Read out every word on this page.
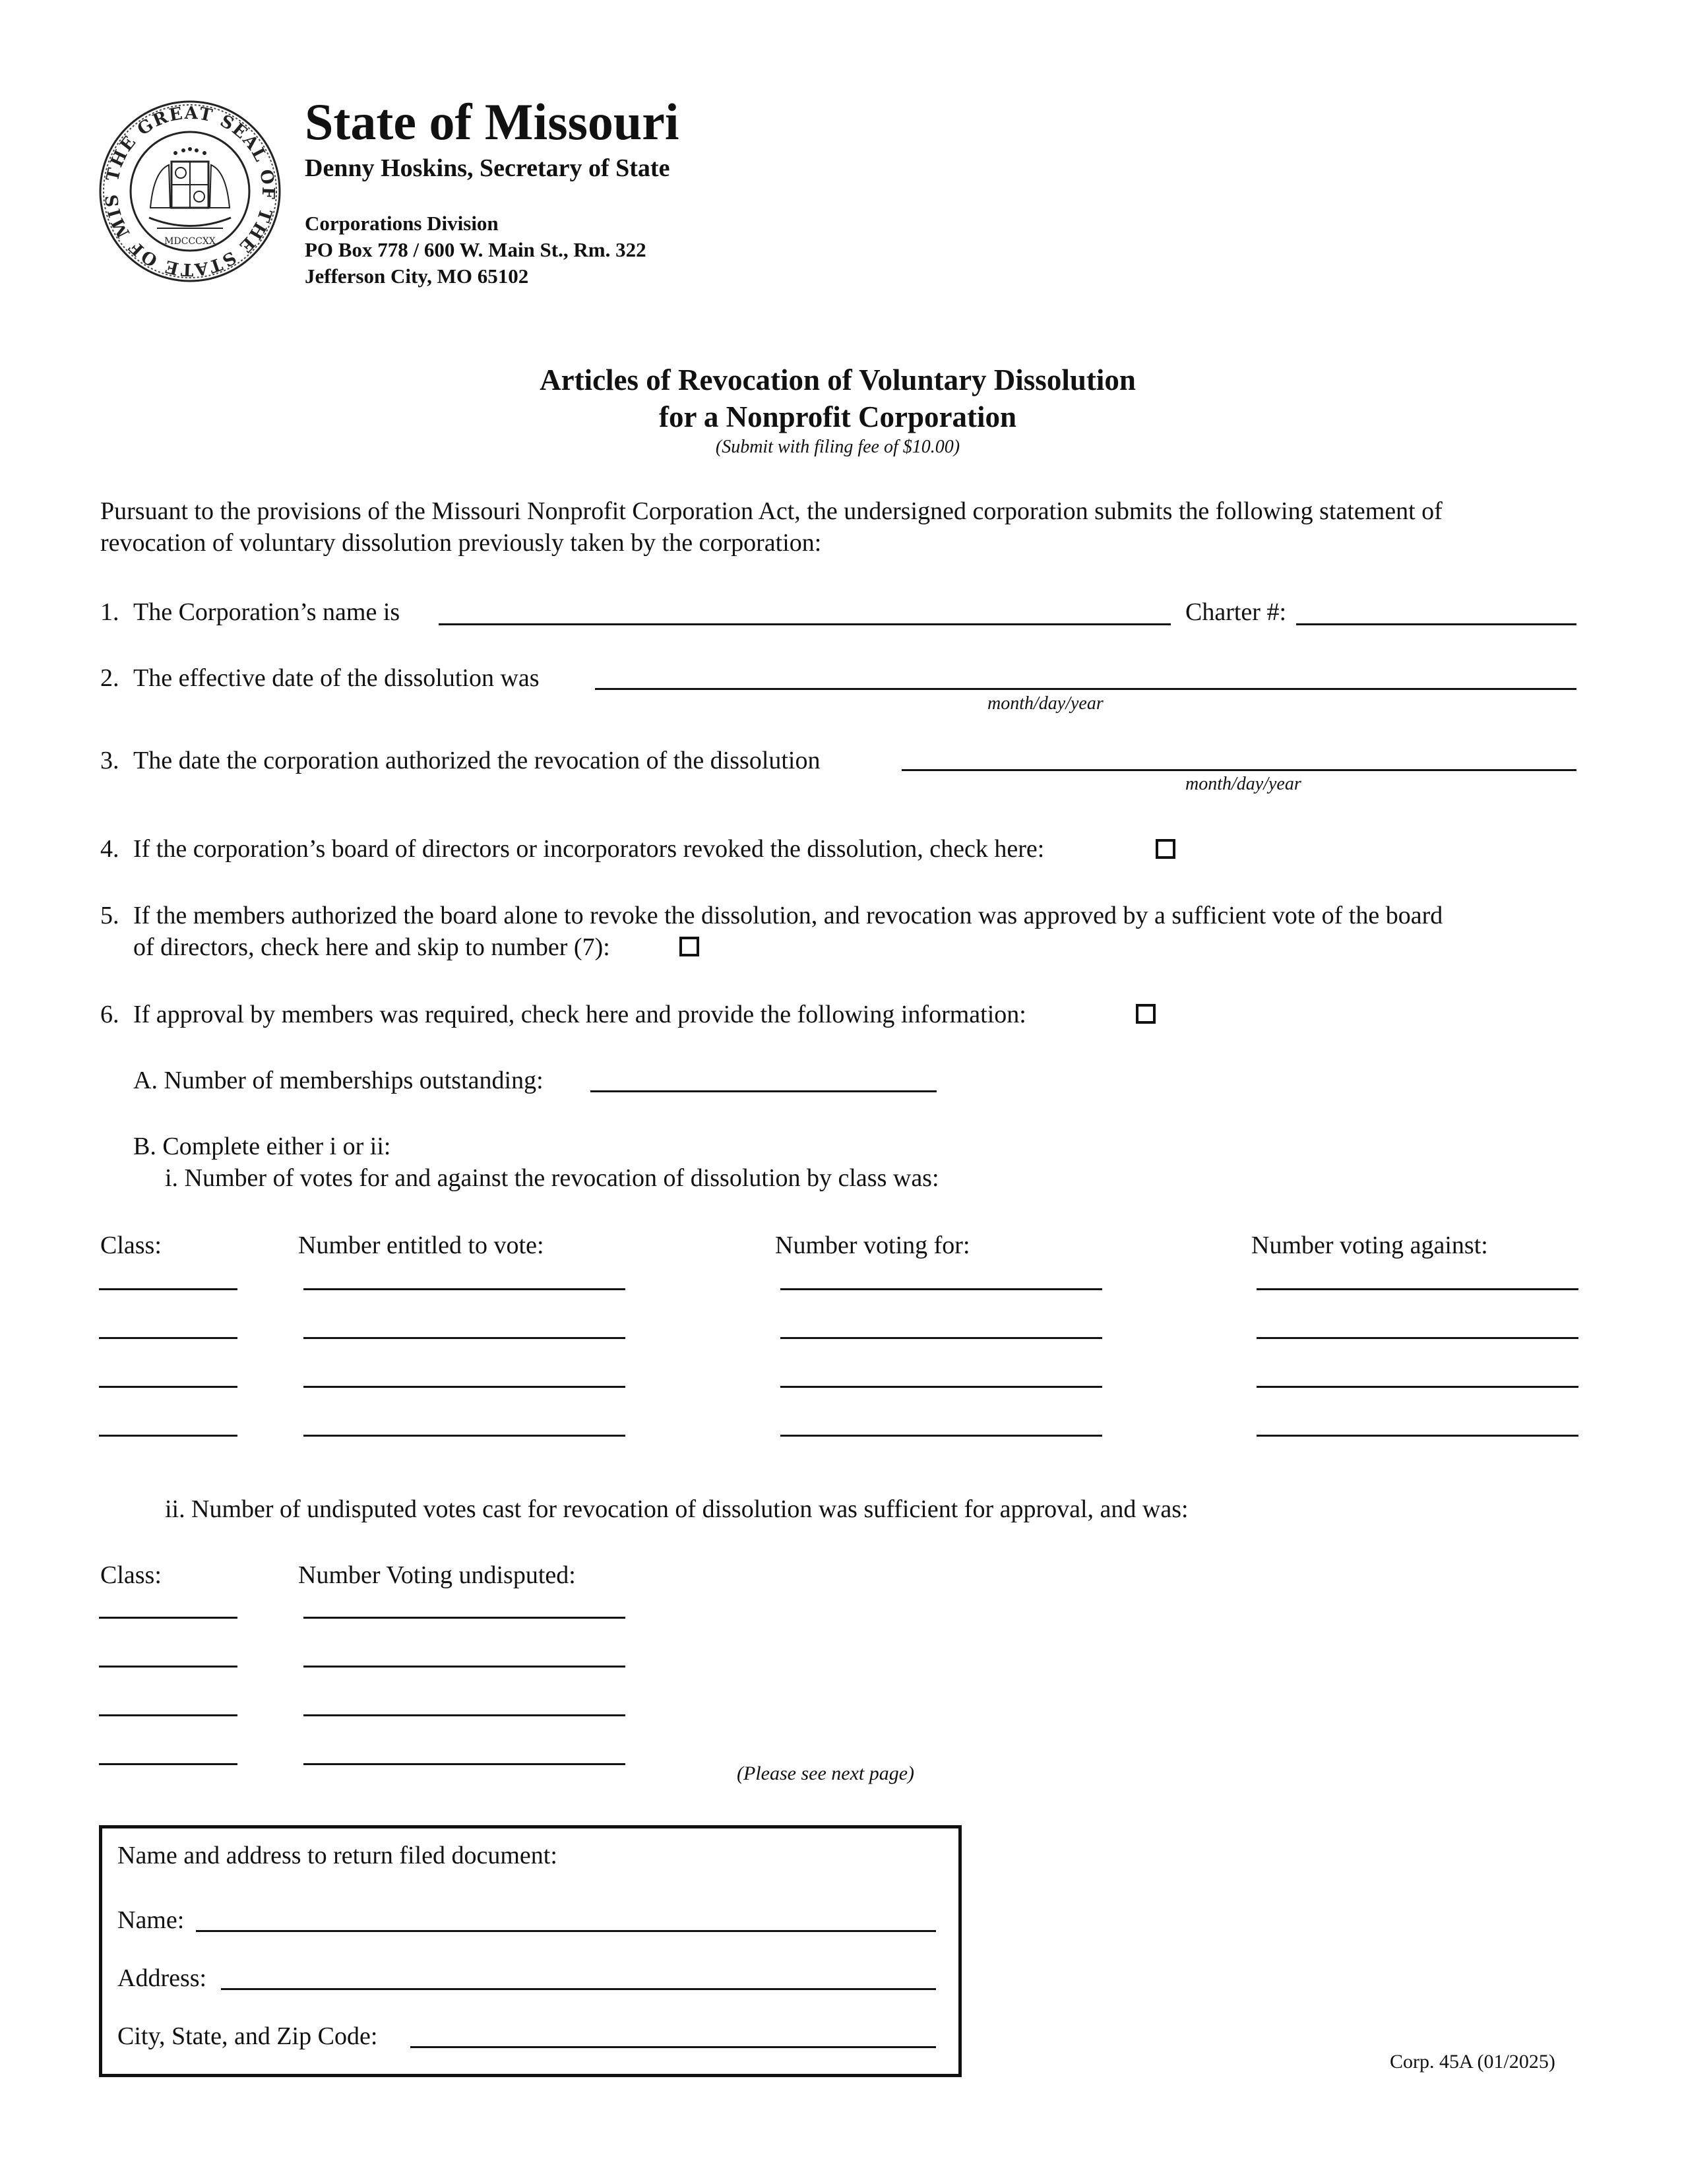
THE GREAT SEAL OF THE STATE OF MIS
MDCCCXX
State of Missouri
Denny Hoskins, Secretary of State
Corporations Division
PO Box 778 / 600 W. Main St., Rm. 322
Jefferson City, MO 65102
Articles of Revocation of Voluntary Dissolution
for a Nonprofit Corporation
(Submit with filing fee of $10.00)
Pursuant to the provisions of the Missouri Nonprofit Corporation Act, the undersigned corporation submits the following statement of
revocation of voluntary dissolution previously taken by the corporation:
1. The Corporation’s name is	Charter #:
2. The effective date of the dissolution was
month/day/year
3. The date the corporation authorized the revocation of the dissolution
month/day/year
4. If the corporation’s board of directors or incorporators revoked the dissolution, check here:
5. If the members authorized the board alone to revoke the dissolution, and revocation was approved by a sufficient vote of the board
of directors, check here and skip to number (7):
6. If approval by members was required, check here and provide the following information:
A. Number of memberships outstanding:
B. Complete either i or ii:
i. Number of votes for and against the revocation of dissolution by class was:
Class:	Number entitled to vote:	Number voting for:	Number voting against:
ii. Number of undisputed votes cast for revocation of dissolution was sufficient for approval, and was:
Class:	Number Voting undisputed:
(Please see next page)
Name and address to return filed document:
Name:
Address:
City, State, and Zip Code:
Corp. 45A (01/2025)
